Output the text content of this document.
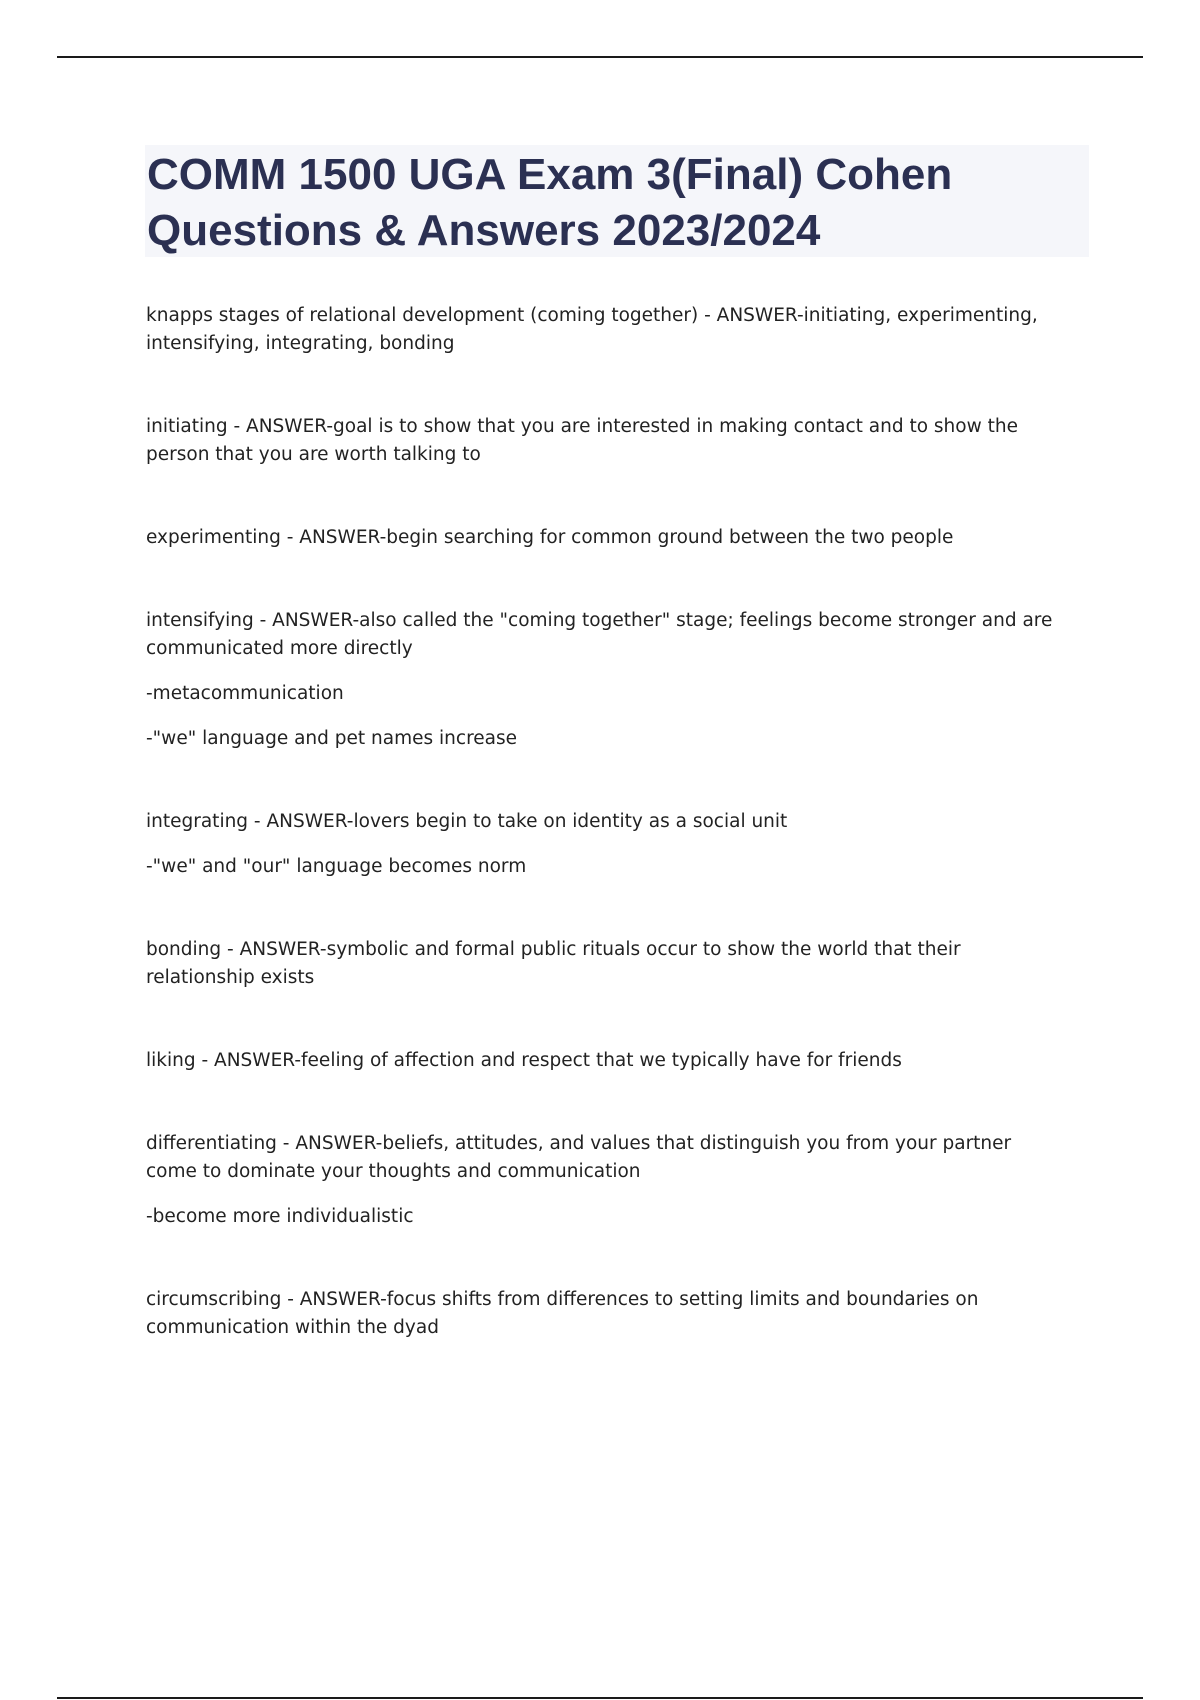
COMM 1500 UGA Exam 3(Final) Cohen
Questions & Answers 2023/2024

knapps stages of relational development (coming together) - ANSWER-initiating, experimenting, intensifying, integrating, bonding

initiating - ANSWER-goal is to show that you are interested in making contact and to show the person that you are worth talking to

experimenting - ANSWER-begin searching for common ground between the two people

intensifying - ANSWER-also called the "coming together" stage; feelings become stronger and are communicated more directly

-metacommunication

-"we" language and pet names increase

integrating - ANSWER-lovers begin to take on identity as a social unit

-"we" and "our" language becomes norm

bonding - ANSWER-symbolic and formal public rituals occur to show the world that their relationship exists

liking - ANSWER-feeling of affection and respect that we typically have for friends

differentiating - ANSWER-beliefs, attitudes, and values that distinguish you from your partner come to dominate your thoughts and communication

-become more individualistic

circumscribing - ANSWER-focus shifts from differences to setting limits and boundaries on communication within the dyad
